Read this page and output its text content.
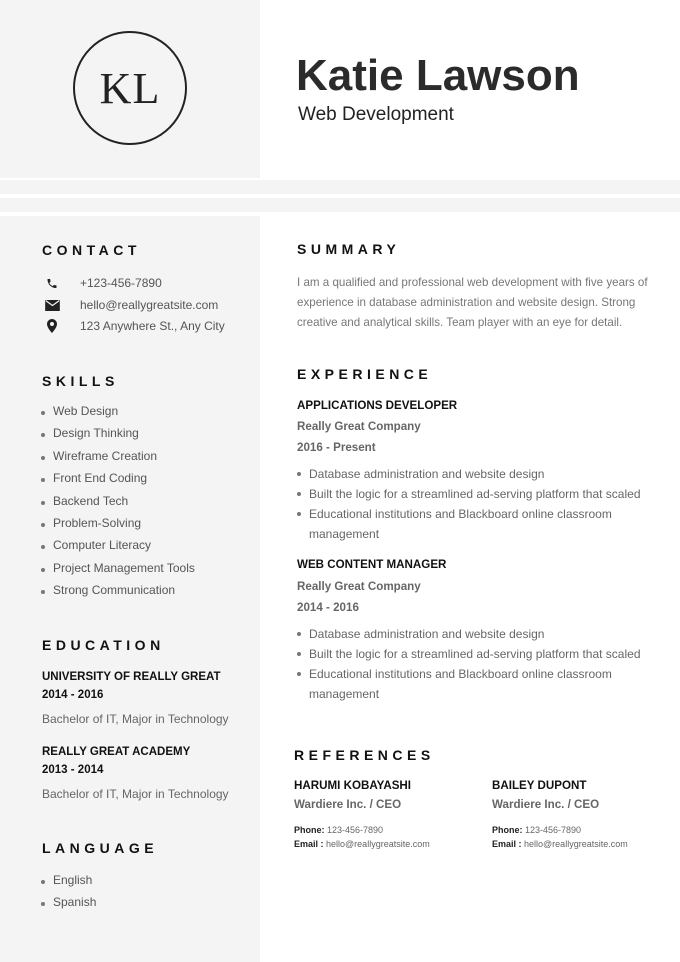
KL	Katie Lawson
Web Development
CONTACT
+123-456-7890
hello@reallygreatsite.com
123 Anywhere St., Any City
SKILLS
Web Design
Design Thinking
Wireframe Creation
Front End Coding
Backend Tech
Problem-Solving
Computer Literacy
Project Management Tools
Strong Communication
EDUCATION
UNIVERSITY OF REALLY GREAT
2014 - 2016
Bachelor of IT, Major in Technology
REALLY GREAT ACADEMY
2013 - 2014
Bachelor of IT, Major in Technology
LANGUAGE
English
Spanish
SUMMARY
I am a qualified and professional web development with five years of experience in database administration and website design. Strong creative and analytical skills. Team player with an eye for detail.
EXPERIENCE
APPLICATIONS DEVELOPER
Really Great Company
2016 - Present
Database administration and website design
Built the logic for a streamlined ad-serving platform that scaled
Educational institutions and Blackboard online classroom management
WEB CONTENT MANAGER
Really Great Company
2014 - 2016
Database administration and website design
Built the logic for a streamlined ad-serving platform that scaled
Educational institutions and Blackboard online classroom management
REFERENCES
HARUMI KOBAYASHI
Wardiere Inc. / CEO
Phone: 123-456-7890
Email : hello@reallygreatsite.com
BAILEY DUPONT
Wardiere Inc. / CEO
Phone: 123-456-7890
Email : hello@reallygreatsite.com
